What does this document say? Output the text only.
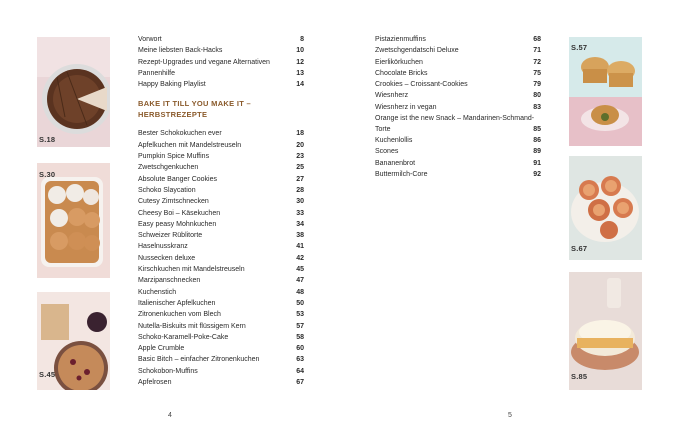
S.18
S.30
S.45
Vorwort	8
Meine liebsten Back-Hacks	10
Rezept-Upgrades und vegane Alternativen	12
Pannenhilfe	13
Happy Baking Playlist	14
BAKE IT TILL YOU MAKE IT – HERBSTREZEPTE
Bester Schokokuchen ever	18
Apfelkuchen mit Mandelstreuseln	20
Pumpkin Spice Muffins	23
Zwetschgenkuchen	25
Absolute Banger Cookies	27
Schoko Slaycation	28
Cutesy Zimtschnecken	30
Cheesy Boi – Käsekuchen	33
Easy peasy Mohnkuchen	34
Schweizer Rüblitorte	38
Haselnusskranz	41
Nussecken deluxe	42
Kirschkuchen mit Mandelstreuseln	45
Marzipanschnecken	47
Kuchenstich	48
Italienischer Apfelkuchen	50
Zitronenkuchen vom Blech	53
Nutella-Biskuits mit flüssigem Kern	57
Schoko-Karamell-Poke-Cake	58
Apple Crumble	60
Basic Bitch – einfacher Zitronenkuchen	63
Schokobon-Muffins	64
Apfelrosen	67
4
Pistazienmuffins	68
Zwetschgendatschi Deluxe	71
Eierlikörkuchen	72
Chocolate Bricks	75
Crookies – Croissant-Cookies	79
Wiesnherz	80
Wiesnherz in vegan	83
Orange ist the new Snack – Mandarinen-Schmand-Torte	85
Kuchenlollis	86
Scones	89
Bananenbrot	91
Buttermilch-Core	92
S.57
S.67
S.85
5
